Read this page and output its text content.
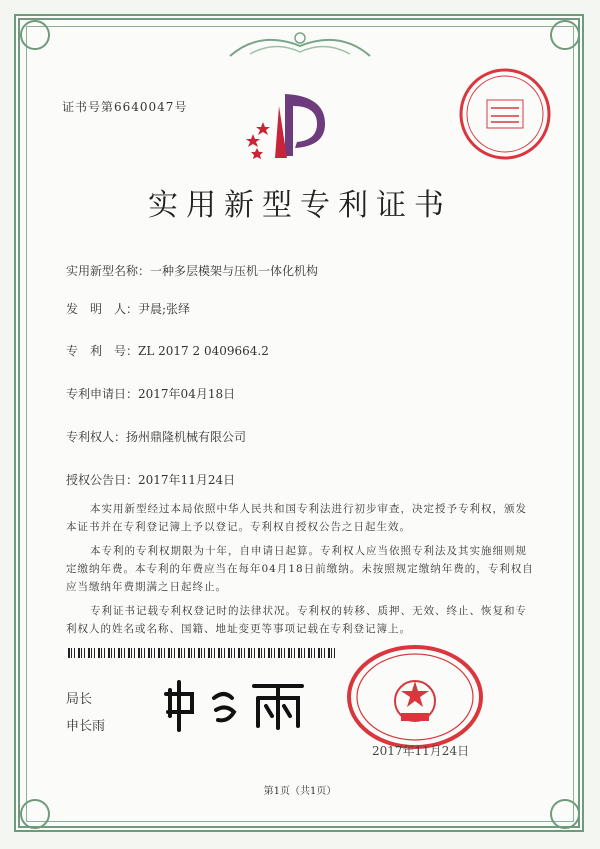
证书号第6640047号
实用新型专利证书
实用新型名称：一种多层模架与压机一体化机构
发　明　人：尹晨;张绎
专　利　号：ZL 2017 2 0409664.2
专利申请日：2017年04月18日
专利权人：扬州鼎隆机械有限公司
授权公告日：2017年11月24日
本实用新型经过本局依照中华人民共和国专利法进行初步审查，决定授予专利权，颁发本证书并在专利登记簿上予以登记。专利权自授权公告之日起生效。
本专利的专利权期限为十年，自申请日起算。专利权人应当依照专利法及其实施细则规定缴纳年费。本专利的年费应当在每年04月18日前缴纳。未按照规定缴纳年费的，专利权自应当缴纳年费期满之日起终止。
专利证书记载专利权登记时的法律状况。专利权的转移、质押、无效、终止、恢复和专利权人的姓名或名称、国籍、地址变更等事项记载在专利登记簿上。
局长
申长雨
2017年11月24日
第1页（共1页）
